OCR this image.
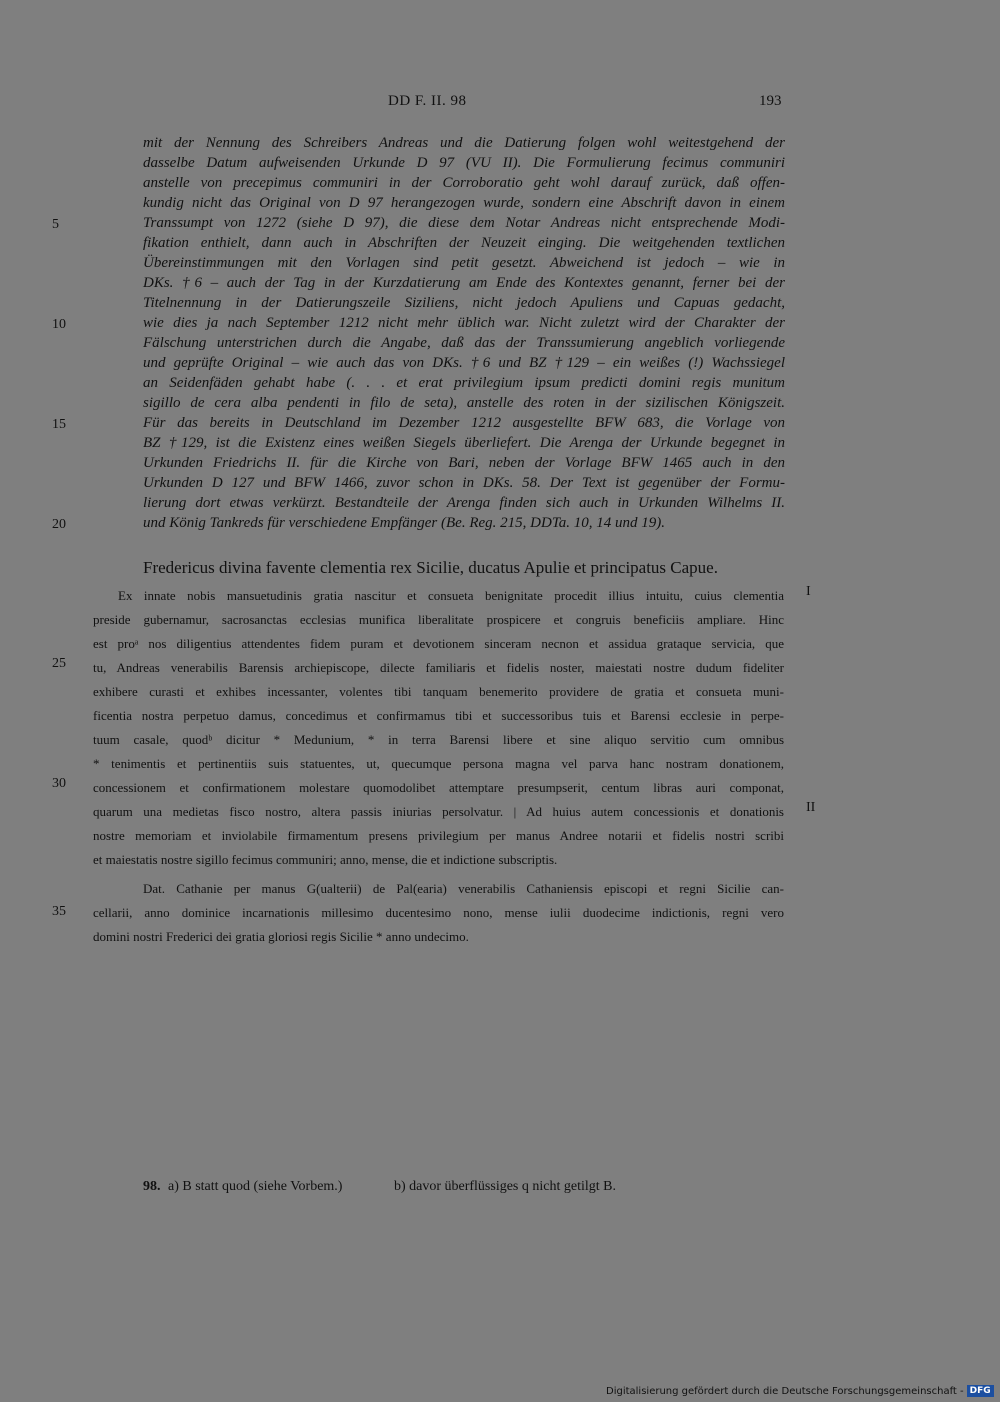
DD F. II. 98	193
mit der Nennung des Schreibers Andreas und die Datierung folgen wohl weitestgehend der
dasselbe Datum aufweisenden Urkunde D 97 (VU II). Die Formulierung fecimus communiri
anstelle von precepimus communiri in der Corroboratio geht wohl darauf zurück, daß offen-
kundig nicht das Original von D 97 herangezogen wurde, sondern eine Abschrift davon in einem
Transsumpt von 1272 (siehe D 97), die diese dem Notar Andreas nicht entsprechende Modi-
fikation enthielt, dann auch in Abschriften der Neuzeit einging. Die weitgehenden textlichen
Übereinstimmungen mit den Vorlagen sind petit gesetzt. Abweichend ist jedoch – wie in
DKs. †6 – auch der Tag in der Kurzdatierung am Ende des Kontextes genannt, ferner bei der
Titelnennung in der Datierungszeile Siziliens, nicht jedoch Apuliens und Capuas gedacht,
wie dies ja nach September 1212 nicht mehr üblich war. Nicht zuletzt wird der Charakter der
Fälschung unterstrichen durch die Angabe, daß das der Transsumierung angeblich vorliegende
und geprüfte Original – wie auch das von DKs. †6 und BZ †129 – ein weißes (!) Wachssiegel
an Seidenfäden gehabt habe (. . . et erat privilegium ipsum predicti domini regis munitum
sigillo de cera alba pendenti in filo de seta), anstelle des roten in der sizilischen Königszeit.
Für das bereits in Deutschland im Dezember 1212 ausgestellte BFW 683, die Vorlage von
BZ †129, ist die Existenz eines weißen Siegels überliefert. Die Arenga der Urkunde begegnet in
Urkunden Friedrichs II. für die Kirche von Bari, neben der Vorlage BFW 1465 auch in den
Urkunden D 127 und BFW 1466, zuvor schon in DKs. 58. Der Text ist gegenüber der Formu-
lierung dort etwas verkürzt. Bestandteile der Arenga finden sich auch in Urkunden Wilhelms II.
und König Tankreds für verschiedene Empfänger (Be. Reg. 215, DDTa. 10, 14 und 19).
5
10
15
20
25
30
35
Fredericus divina favente clementia rex Sicilie, ducatus Apulie et principatus Capue.
Ex innate nobis mansuetudinis gratia nascitur et consueta benignitate procedit illius intuitu, cuius clementia
preside gubernamur, sacrosanctas ecclesias munifica liberalitate prospicere et congruis beneficiis ampliare. Hinc
est proᵃ nos diligentius attendentes fidem puram et devotionem sinceram necnon et assidua grataque servicia, que
tu, Andreas venerabilis Barensis archiepiscope, dilecte familiaris et fidelis noster, maiestati nostre dudum fideliter
exhibere curasti et exhibes incessanter, volentes tibi tanquam benemerito providere de gratia et consueta muni-
ficentia nostra perpetuo damus, concedimus et confirmamus tibi et successoribus tuis et Barensi ecclesie in perpe-
tuum casale, quodᵇ dicitur * Medunium, * in terra Barensi libere et sine aliquo servitio cum omnibus
* tenimentis et pertinentiis suis statuentes, ut, quecumque persona magna vel parva hanc nostram donationem,
concessionem et confirmationem molestare quomodolibet attemptare presumpserit, centum libras auri componat,
quarum una medietas fisco nostro, altera passis iniurias persolvatur. | Ad huius autem concessionis et donationis
nostre memoriam et inviolabile firmamentum presens privilegium per manus Andree notarii et fidelis nostri scribi
et maiestatis nostre sigillo fecimus communiri; anno, mense, die et indictione subscriptis.
Dat. Cathanie per manus G(ualterii) de Pal(earia) venerabilis Cathaniensis episcopi et regni Sicilie can-
cellarii, anno dominice incarnationis millesimo ducentesimo nono, mense iulii duodecime indictionis, regni vero
domini nostri Frederici dei gratia gloriosi regis Sicilie * anno undecimo.
I
II
98. a) B statt quod (siehe Vorbem.)	b) davor überflüssiges q nicht getilgt B.
Digitalisierung gefördert durch die Deutsche Forschungsgemeinschaft - DFG
